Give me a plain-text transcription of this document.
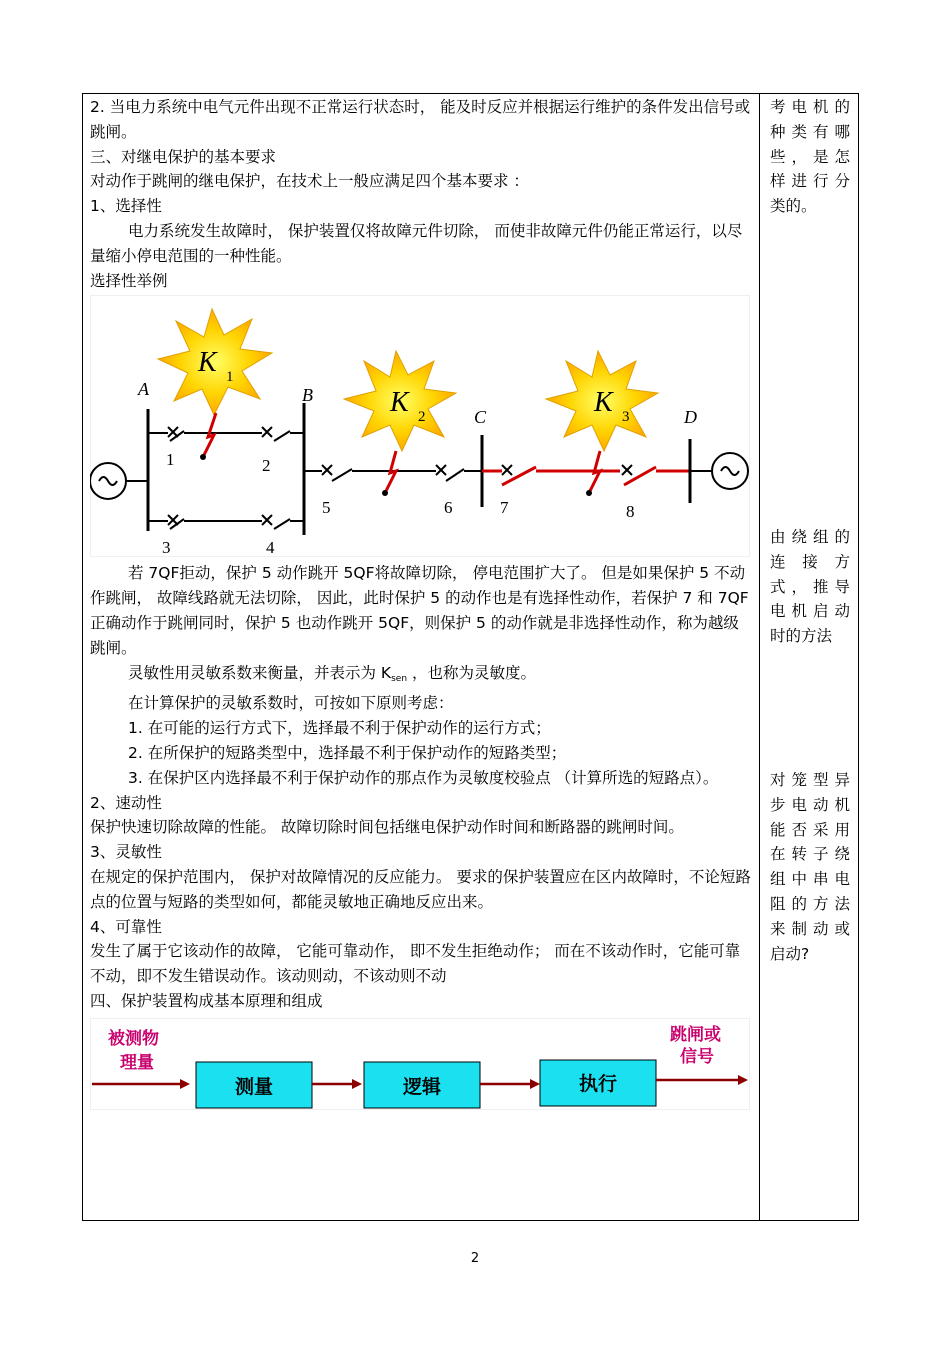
2. 当电力系统中电气元件出现不正常运行状态时， 能及时反应并根据运行维护的条件发出信号或跳闸。

三、对继电保护的基本要求

对动作于跳闸的继电保护，在技术上一般应满足四个基本要求 ：

1、选择性

电力系统发生故障时， 保护装置仅将故障元件切除， 而使非故障元件仍能正常运行，以尽量缩小停电范围的一种性能。

选择性举例

A	B
C	D
1	2
3	4
5	6	7	8
K 1
K 2	K 3

若 7QF拒动，保护 5 动作跳开 5QF将故障切除， 停电范围扩大了。 但是如果保护 5 不动作跳闸， 故障线路就无法切除， 因此，此时保护 5 的动作也是有选择性动作，若保护 7 和 7QF正确动作于跳闸同时，保护 5 也动作跳开 5QF，则保护 5 的动作就是非选择性动作，称为越级跳闸。

灵敏性用灵敏系数来衡量，并表示为 $K_{sen}$ ，也称为灵敏度。

在计算保护的灵敏系数时，可按如下原则考虑：

1. 在可能的运行方式下，选择最不利于保护动作的运行方式；

2. 在所保护的短路类型中，选择最不利于保护动作的短路类型；

3. 在保护区内选择最不利于保护动作的那点作为灵敏度校验点 （计算所选的短路点）。

2、速动性

保护快速切除故障的性能。 故障切除时间包括继电保护动作时间和断路器的跳闸时间。

3、灵敏性

在规定的保护范围内， 保护对故障情况的反应能力。 要求的保护装置应在区内故障时，不论短路点的位置与短路的类型如何，都能灵敏地正确地反应出来。

4、可靠性

发生了属于它该动作的故障， 它能可靠动作， 即不发生拒绝动作； 而在不该动作时，它能可靠不动，即不发生错误动作。该动则动，不该动则不动

四、保护装置构成基本原理和组成

被测物
理量
测量	逻辑	执行
跳闸或
信号
考电机的
种类有哪
些，是怎
样进行分
类的。
由绕组的
连接方
式，推导
电机启动
时的方法
对笼型异
步电动机
能否采用
在转子绕
组中串电
阻的方法
来制动或
启动?
2
